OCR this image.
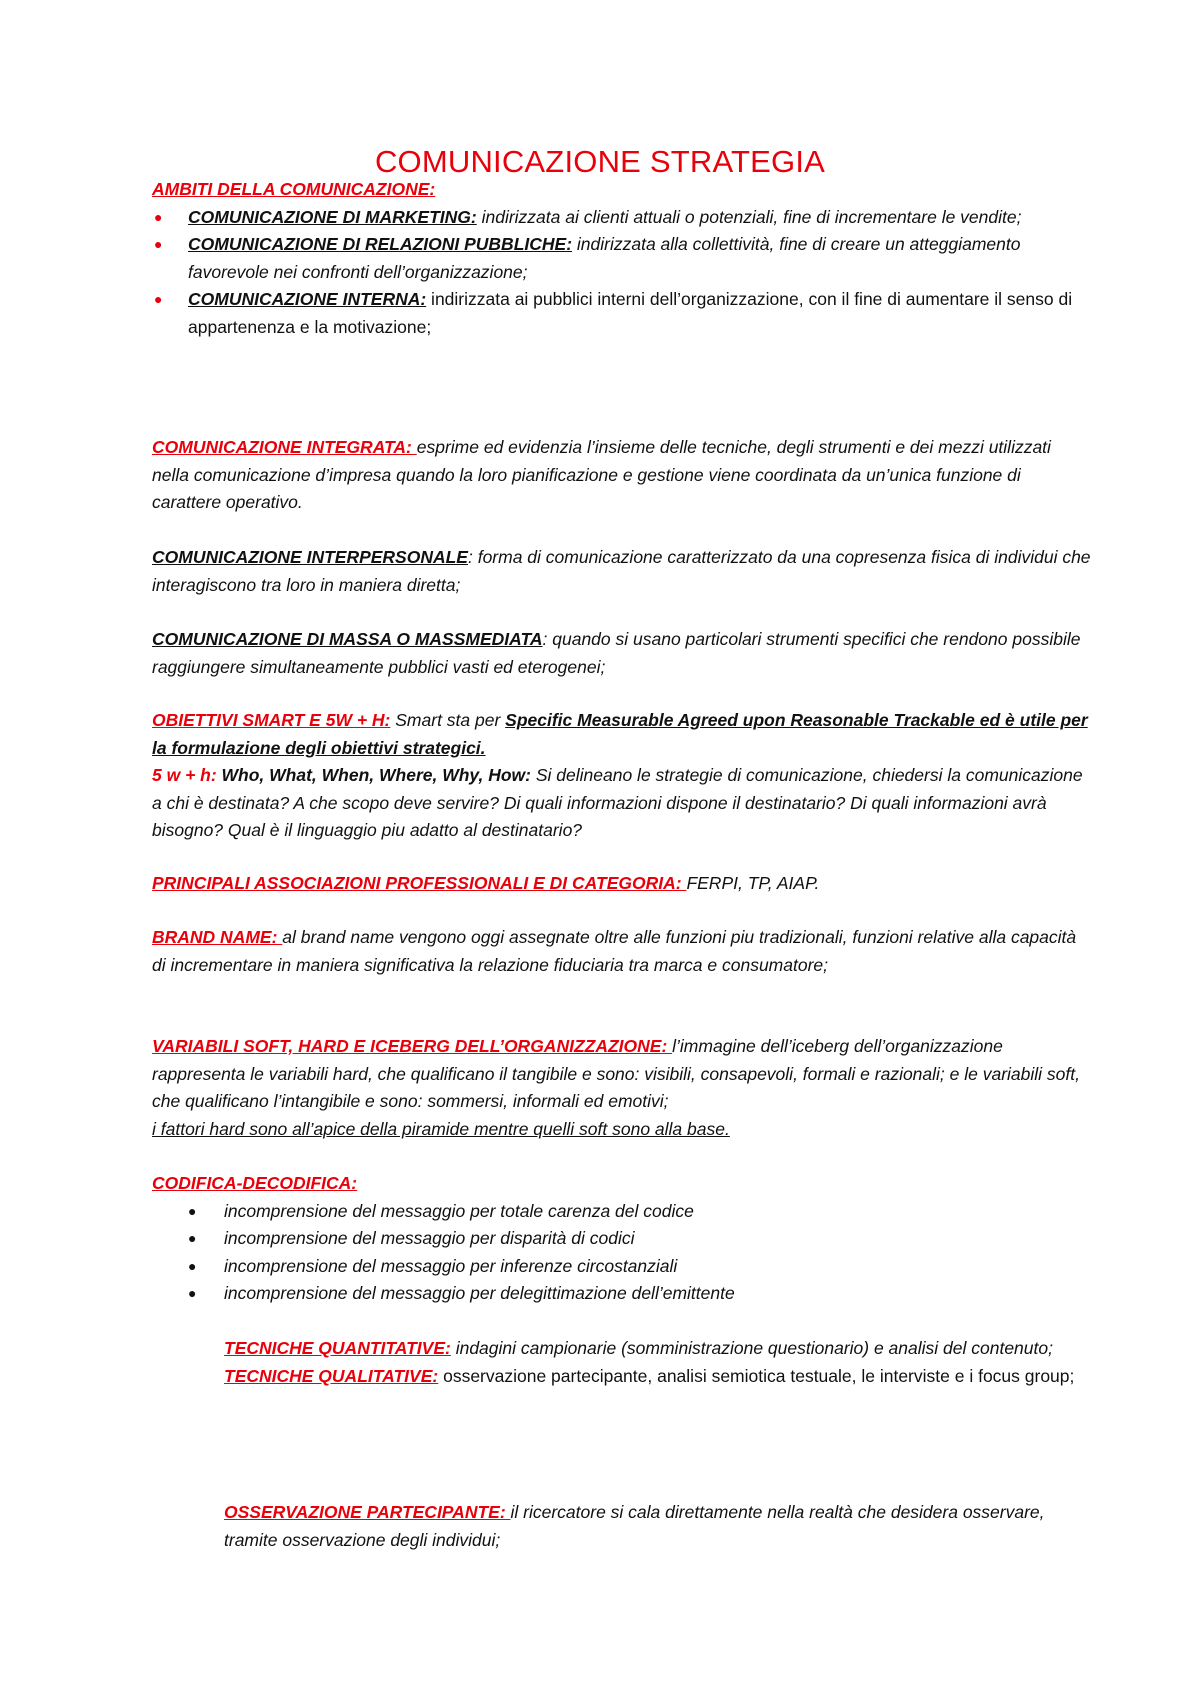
COMUNICAZIONE STRATEGIA
AMBITI DELLA COMUNICAZIONE:
● COMUNICAZIONE DI MARKETING: indirizzata ai clienti attuali o potenziali, fine di incrementare le vendite;
● COMUNICAZIONE DI RELAZIONI PUBBLICHE: indirizzata alla collettività, fine di creare un atteggiamento favorevole nei confronti dell’organizzazione;
● COMUNICAZIONE INTERNA: indirizzata ai pubblici interni dell’organizzazione, con il fine di aumentare il senso di appartenenza e la motivazione;
COMUNICAZIONE INTEGRATA: esprime ed evidenzia l’insieme delle tecniche, degli strumenti e dei mezzi utilizzati nella comunicazione d’impresa quando la loro pianificazione e gestione viene coordinata da un’unica funzione di carattere operativo.
COMUNICAZIONE INTERPERSONALE: forma di comunicazione caratterizzato da una copresenza fisica di individui che interagiscono tra loro in maniera diretta;
COMUNICAZIONE DI MASSA O MASSMEDIATA: quando si usano particolari strumenti specifici che rendono possibile raggiungere simultaneamente pubblici vasti ed eterogenei;
OBIETTIVI SMART E 5W + H: Smart sta per Specific Measurable Agreed upon Reasonable Trackable ed è utile per la formulazione degli obiettivi strategici.
5 w + h: Who, What, When, Where, Why, How: Si delineano le strategie di comunicazione, chiedersi la comunicazione a chi è destinata? A che scopo deve servire? Di quali informazioni dispone il destinatario? Di quali informazioni avrà bisogno? Qual è il linguaggio piu adatto al destinatario?
PRINCIPALI ASSOCIAZIONI PROFESSIONALI E DI CATEGORIA: FERPI, TP, AIAP.
BRAND NAME: al brand name vengono oggi assegnate oltre alle funzioni piu tradizionali, funzioni relative alla capacità di incrementare in maniera significativa la relazione fiduciaria tra marca e consumatore;
VARIABILI SOFT, HARD E ICEBERG DELL’ORGANIZZAZIONE: l’immagine dell’iceberg dell’organizzazione rappresenta le variabili hard, che qualificano il tangibile e sono: visibili, consapevoli, formali e razionali; e le variabili soft, che qualificano l’intangibile e sono: sommersi, informali ed emotivi;
i fattori hard sono all’apice della piramide mentre quelli soft sono alla base.
CODIFICA-DECODIFICA:
● incomprensione del messaggio per totale carenza del codice
● incomprensione del messaggio per disparità di codici
● incomprensione del messaggio per inferenze circostanziali
● incomprensione del messaggio per delegittimazione dell’emittente
TECNICHE QUANTITATIVE: indagini campionarie (somministrazione questionario) e analisi del contenuto;
TECNICHE QUALITATIVE: osservazione partecipante, analisi semiotica testuale, le interviste e i focus group;
OSSERVAZIONE PARTECIPANTE: il ricercatore si cala direttamente nella realtà che desidera osservare, tramite osservazione degli individui;
